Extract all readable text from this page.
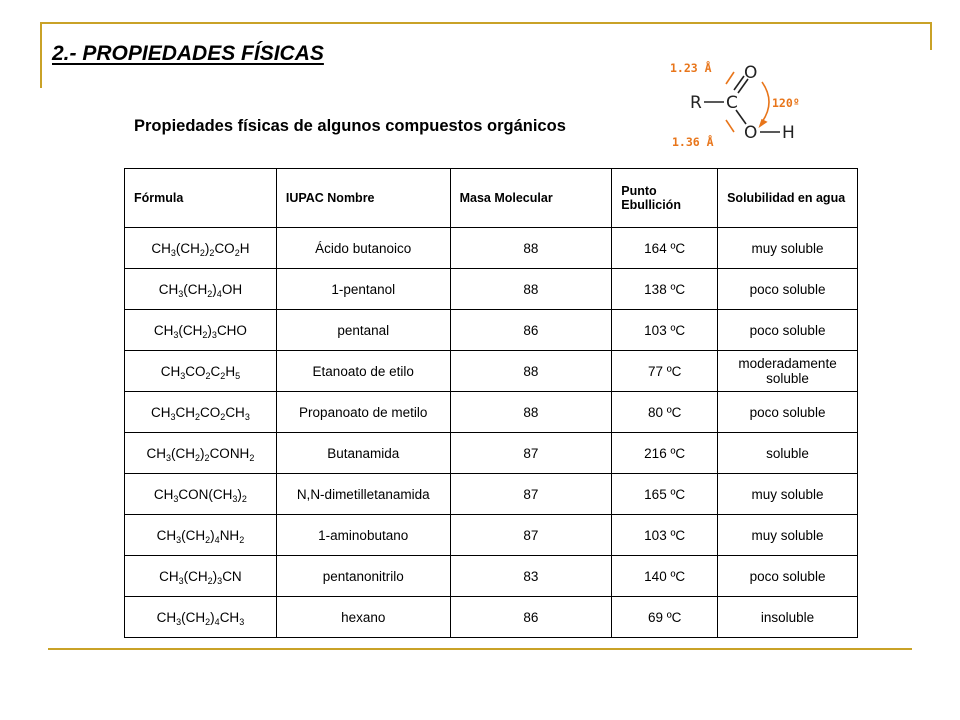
2.- PROPIEDADES FÍSICAS
Propiedades físicas de algunos compuestos orgánicos
R C
O
O H
1.23 Å
1.36 Å
120º
Fórmula	IUPAC Nombre	Masa Molecular	Punto Ebullición	Solubilidad en agua
$CH_3(CH_2)_2CO_2H$	Ácido butanoico	88	164 ºC	muy soluble
$CH_3(CH_2)_4OH$	1-pentanol	88	138 ºC	poco soluble
$CH_3(CH_2)_3CHO$	pentanal	86	103 ºC	poco soluble
$CH_3CO_2C_2H_5$	Etanoato de etilo	88	77 ºC	moderadamente soluble
$CH_3CH_2CO_2CH_3$	Propanoato de metilo	88	80 ºC	poco soluble
$CH_3(CH_2)_2CONH_2$	Butanamida	87	216 ºC	soluble
$CH_3CON(CH_3)_2$	N,N-dimetilletanamida	87	165 ºC	muy soluble
$CH_3(CH_2)_4NH_2$	1-aminobutano	87	103 ºC	muy soluble
$CH_3(CH_2)_3CN$	pentanonitrilo	83	140 ºC	poco soluble
$CH_3(CH_2)_4CH_3$	hexano	86	69 ºC	insoluble
